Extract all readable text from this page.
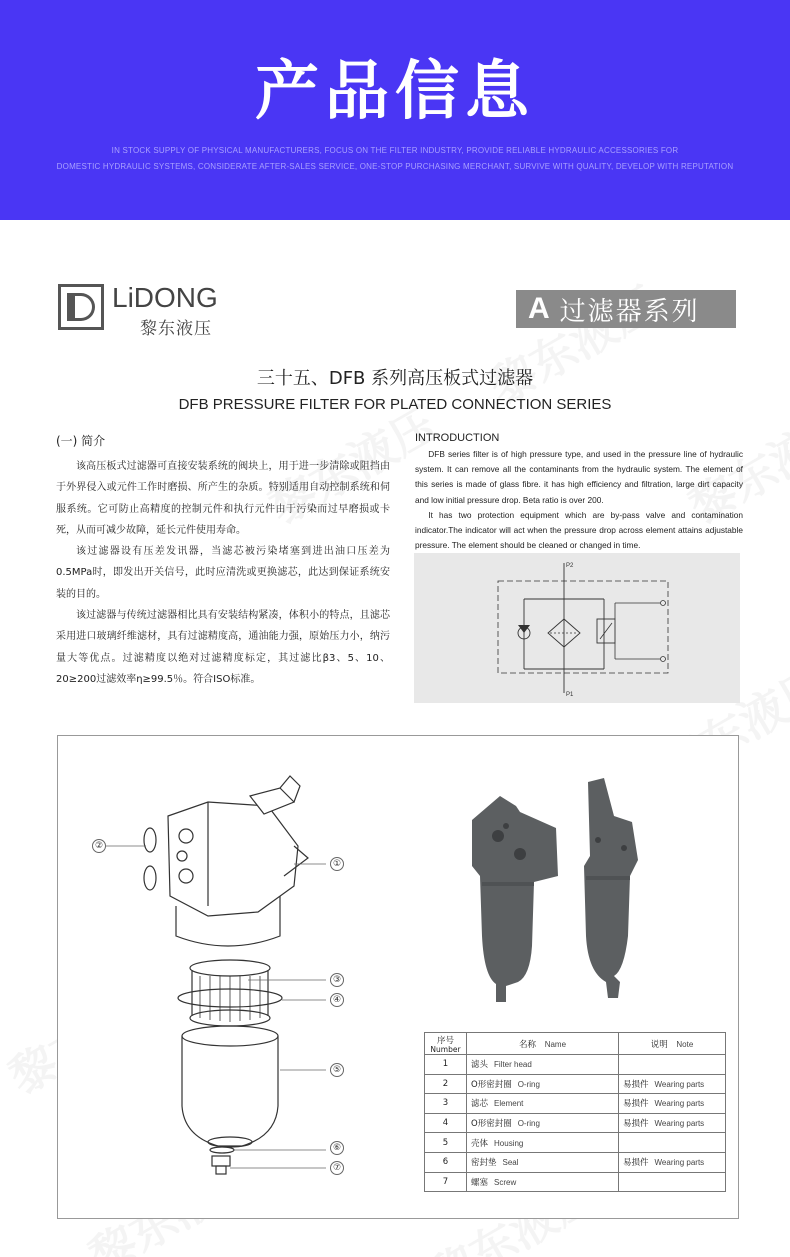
产品信息
IN STOCK SUPPLY OF PHYSICAL MANUFACTURERS, FOCUS ON THE FILTER INDUSTRY, PROVIDE RELIABLE HYDRAULIC ACCESSORIES FOR
DOMESTIC HYDRAULIC SYSTEMS, CONSIDERATE AFTER-SALES SERVICE, ONE-STOP PURCHASING MERCHANT, SURVIVE WITH QUALITY, DEVELOP WITH REPUTATION
LiDONG
黎东液压
A 过滤器系列
三十五、DFB 系列高压板式过滤器
DFB PRESSURE FILTER FOR PLATED CONNECTION SERIES
(一) 简介

该高压板式过滤器可直接安装系统的阀块上，用于进一步清除或阻挡由于外界侵入或元件工作时磨损、所产生的杂质。特别适用自动控制系统和伺服系统。它可防止高精度的控制元件和执行元件由于污染而过早磨损或卡死，从而可减少故障，延长元件使用寿命。

该过滤器设有压差发讯器，当滤芯被污染堵塞到进出油口压差为0.5MPa时，即发出开关信号，此时应清洗或更换滤芯，此达到保证系统安装的目的。

该过滤器与传统过滤器相比具有安装结构紧凑，体积小的特点，且滤芯采用进口玻璃纤维滤材，具有过滤精度高，通油能力强，原始压力小，纳污量大等优点。过滤精度以绝对过滤精度标定，其过滤比β3、5、10、20≥200过滤效率η≥99.5％。符合ISO标准。

INTRODUCTION

DFB series filter is of high pressure type, and used in the pressure line of hydraulic system. It can remove all the contaminants from the hydraulic system. The element of this series is made of glass fibre. it has high efficiency and filtration, large dirt capacity and low initial pressure drop. Beta ratio is over 200.

It has two protection equipment which are by-pass valve and contamination indicator.The indicator will act when the pressure drop across element attains adjustable pressure. The element should be cleaned or changed in time.

P2
P1
②
①
③
④
⑤
⑥
⑦
序号
Number	名称 Name	说明 Note
1	滤头 Filter head	
2	O形密封圈 O-ring	易损件 Wearing parts
3	滤芯 Element	易损件 Wearing parts
4	O形密封圈 O-ring	易损件 Wearing parts
5	壳体 Housing	
6	密封垫 Seal	易损件 Wearing parts
7	螺塞 Screw	
